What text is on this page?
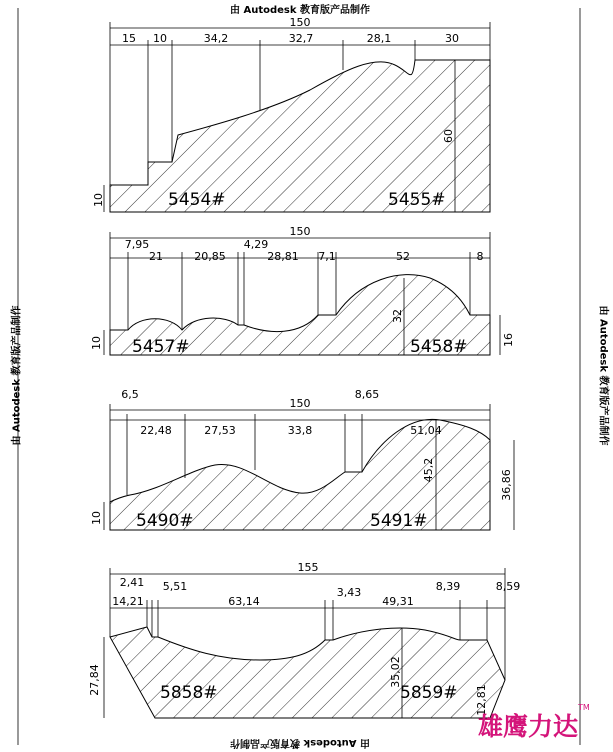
由 Autodesk 教育版产品制作
由 Autodesk 教育版产品制作
由 Autodesk 教育版产品制作	由 Autodesk 教育版产品制作
150
15 10	34,2	32,7	28,1	30
10
60
5454#	5455#
150
7,95
21	20,85
4,29
28,81 7,1	52	8
10
32
16
5457#	5458#
150
6,5
22,48	27,53	33,8
8,65
51,04
10
45,2	36,86
5490#	5491#
155
2,41 5,51
14,21	63,14
3,43
49,31
8,39	8,59
27,84	35,02
12,81
5858#	5859#
雄鹰力达
TM
